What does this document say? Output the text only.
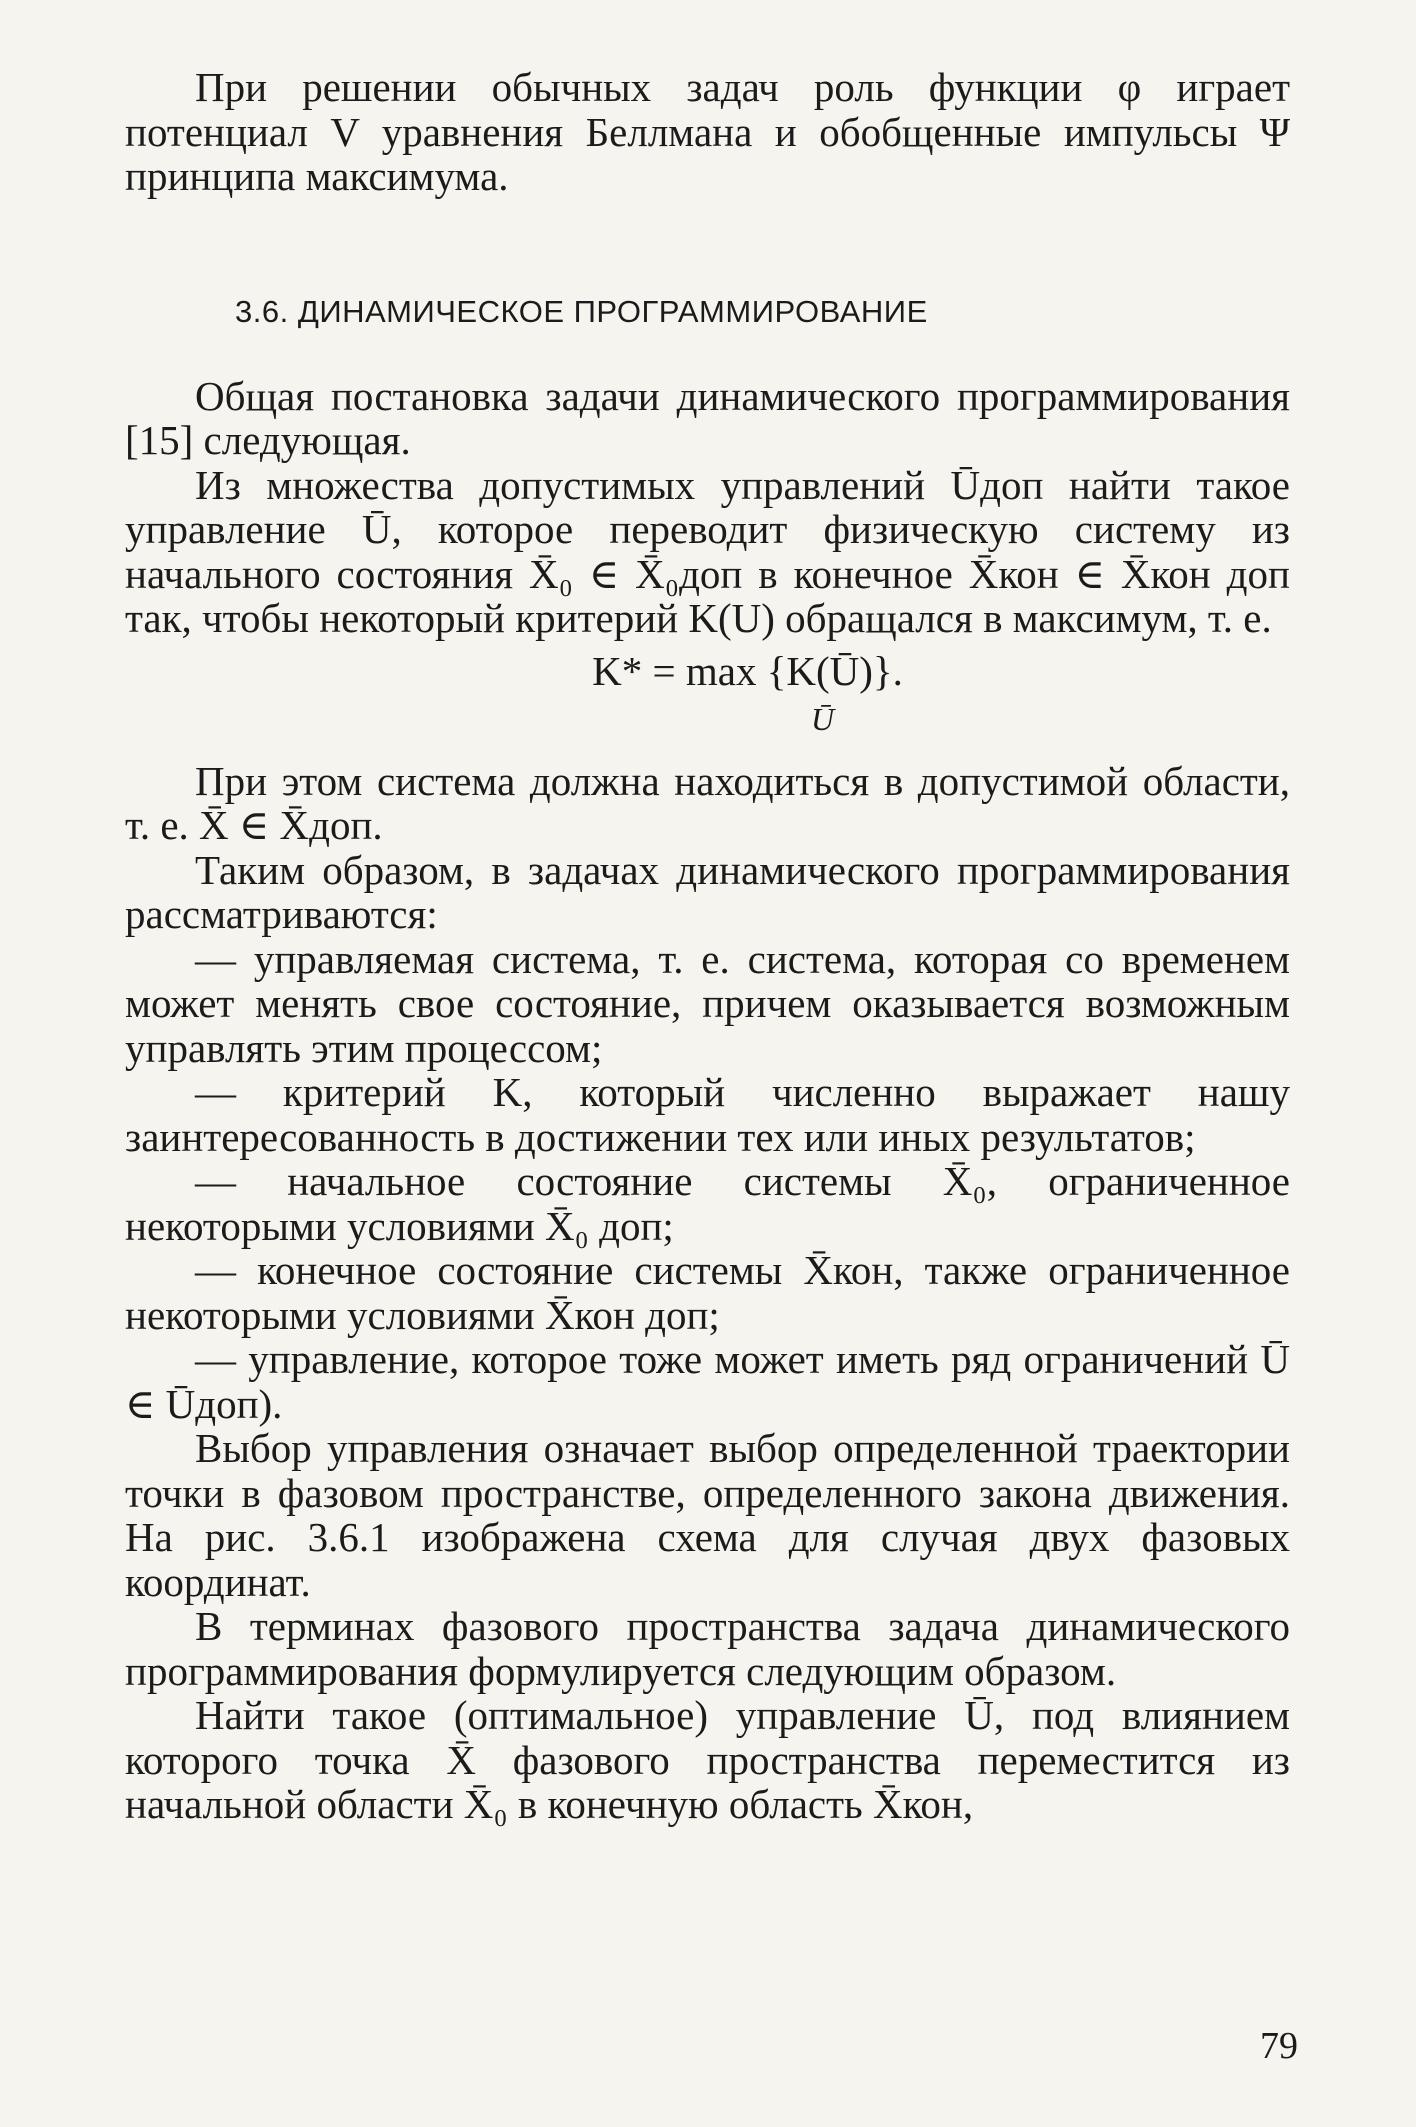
При решении обычных задач роль функции φ играет потенциал V уравнения Беллмана и обобщенные импульсы Ψ принципа максимума.

Общая постановка задачи динамического программирования [15] следующая.

Из множества допустимых управлений Ūдоп найти такое управление Ū, которое переводит физическую систему из начального состояния X̄₀ ∈ X̄₀доп в конечное X̄кон ∈ X̄кон доп так, чтобы некоторый критерий K(U) обращался в максимум, т. е.

K* = max {K(Ū)}.
Ū

При этом система должна находиться в допустимой области, т. е. X̄ ∈ X̄доп.

Таким образом, в задачах динамического программирования рассматриваются:

— управляемая система, т. е. система, которая со временем может менять свое состояние, причем оказывается возможным управлять этим процессом;

— критерий K, который численно выражает нашу заинтересованность в достижении тех или иных результатов;

— начальное состояние системы X̄₀, ограниченное некоторыми условиями X̄₀ доп;

— конечное состояние системы X̄кон, также ограниченное некоторыми условиями X̄кон доп;

— управление, которое тоже может иметь ряд ограничений Ū ∈ Ūдоп).

Выбор управления означает выбор определенной траектории точки в фазовом пространстве, определенного закона движения. На рис. 3.6.1 изображена схема для случая двух фазовых координат.

В терминах фазового пространства задача динамического программирования формулируется следующим образом.

Найти такое (оптимальное) управление Ū, под влиянием которого точка X̄ фазового пространства переместится из начальной области X̄₀ в конечную область X̄кон,

3.6. ДИНАМИЧЕСКОЕ ПРОГРАММИРОВАНИЕ
79
